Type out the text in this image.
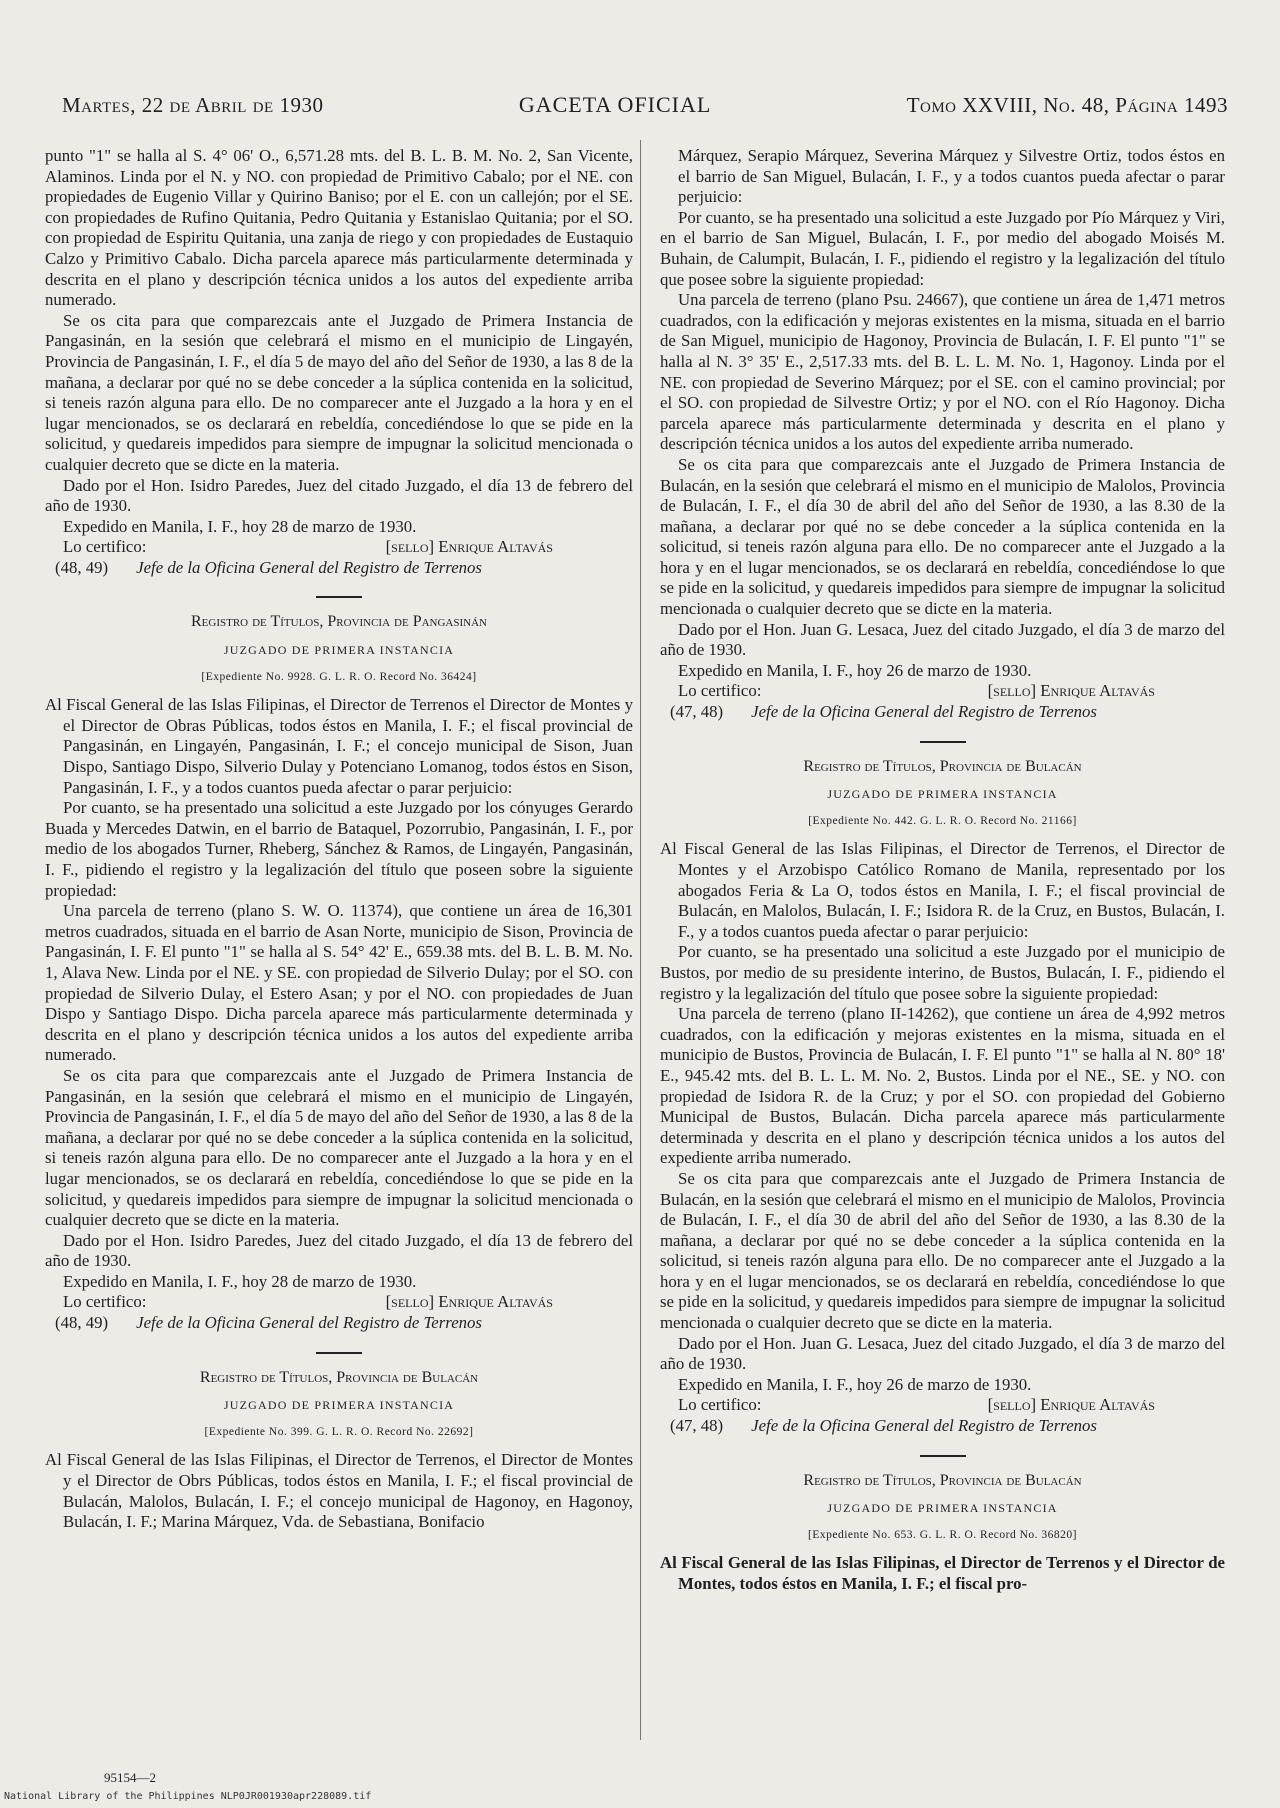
Martes, 22 de Abril de 1930	GACETA OFICIAL	Tomo XXVIII, No. 48, Página 1493

punto "1" se halla al S. 4° 06' O., 6,571.28 mts. del B. L. B. M. No. 2, San Vicente, Alaminos. Linda por el N. y NO. con propiedad de Primitivo Cabalo; por el NE. con propiedades de Eugenio Villar y Quirino Baniso; por el E. con un callejón; por el SE. con propiedades de Rufino Quitania, Pedro Quitania y Estanislao Quitania; por el SO. con propiedad de Espiritu Quitania, una zanja de riego y con propiedades de Eustaquio Calzo y Primitivo Cabalo. Dicha parcela aparece más particularmente determinada y descrita en el plano y descripción técnica unidos a los autos del expediente arriba numerado.

Se os cita para que comparezcais ante el Juzgado de Primera Instancia de Pangasinán, en la sesión que celebrará el mismo en el municipio de Lingayén, Provincia de Pangasinán, I. F., el día 5 de mayo del año del Señor de 1930, a las 8 de la mañana, a declarar por qué no se debe conceder a la súplica contenida en la solicitud, si teneis razón alguna para ello. De no comparecer ante el Juzgado a la hora y en el lugar mencionados, se os declarará en rebeldía, concediéndose lo que se pide en la solicitud, y quedareis impedidos para siempre de impugnar la solicitud mencionada o cualquier decreto que se dicte en la materia.

Dado por el Hon. Isidro Paredes, Juez del citado Juzgado, el día 13 de febrero del año de 1930.

Expedido en Manila, I. F., hoy 28 de marzo de 1930.

Lo certifico:	[sello] Enrique Altavás
(48, 49) Jefe de la Oficina General del Registro de Terrenos
Registro de Títulos, Provincia de Pangasinán
JUZGADO DE PRIMERA INSTANCIA
[Expediente No. 9928. G. L. R. O. Record No. 36424]

Al Fiscal General de las Islas Filipinas, el Director de Terrenos el Director de Montes y el Director de Obras Públicas, todos éstos en Manila, I. F.; el fiscal provincial de Pangasinán, en Lingayén, Pangasinán, I. F.; el concejo municipal de Sison, Juan Dispo, Santiago Dispo, Silverio Dulay y Potenciano Lomanog, todos éstos en Sison, Pangasinán, I. F., y a todos cuantos pueda afectar o parar perjuicio:

Por cuanto, se ha presentado una solicitud a este Juzgado por los cónyuges Gerardo Buada y Mercedes Datwin, en el barrio de Bataquel, Pozorrubio, Pangasinán, I. F., por medio de los abogados Turner, Rheberg, Sánchez & Ramos, de Lingayén, Pangasinán, I. F., pidiendo el registro y la legalización del título que poseen sobre la siguiente propiedad:

Una parcela de terreno (plano S. W. O. 11374), que contiene un área de 16,301 metros cuadrados, situada en el barrio de Asan Norte, municipio de Sison, Provincia de Pangasinán, I. F. El punto "1" se halla al S. 54° 42' E., 659.38 mts. del B. L. B. M. No. 1, Alava New. Linda por el NE. y SE. con propiedad de Silverio Dulay; por el SO. con propiedad de Silverio Dulay, el Estero Asan; y por el NO. con propiedades de Juan Dispo y Santiago Dispo. Dicha parcela aparece más particularmente determinada y descrita en el plano y descripción técnica unidos a los autos del expediente arriba numerado.

Se os cita para que comparezcais ante el Juzgado de Primera Instancia de Pangasinán, en la sesión que celebrará el mismo en el municipio de Lingayén, Provincia de Pangasinán, I. F., el día 5 de mayo del año del Señor de 1930, a las 8 de la mañana, a declarar por qué no se debe conceder a la súplica contenida en la solicitud, si teneis razón alguna para ello. De no comparecer ante el Juzgado a la hora y en el lugar mencionados, se os declarará en rebeldía, concediéndose lo que se pide en la solicitud, y quedareis impedidos para siempre de impugnar la solicitud mencionada o cualquier decreto que se dicte en la materia.

Dado por el Hon. Isidro Paredes, Juez del citado Juzgado, el día 13 de febrero del año de 1930.

Expedido en Manila, I. F., hoy 28 de marzo de 1930.

Lo certifico:	[sello] Enrique Altavás
(48, 49) Jefe de la Oficina General del Registro de Terrenos
Registro de Títulos, Provincia de Bulacán
JUZGADO DE PRIMERA INSTANCIA
[Expediente No. 399. G. L. R. O. Record No. 22692]

Al Fiscal General de las Islas Filipinas, el Director de Terrenos, el Director de Montes y el Director de Obrs Públicas, todos éstos en Manila, I. F.; el fiscal provincial de Bulacán, Malolos, Bulacán, I. F.; el concejo municipal de Hagonoy, en Hagonoy, Bulacán, I. F.; Marina Márquez, Vda. de Sebastiana, Bonifacio

Márquez, Serapio Márquez, Severina Márquez y Silvestre Ortiz, todos éstos en el barrio de San Miguel, Bulacán, I. F., y a todos cuantos pueda afectar o parar perjuicio:

Por cuanto, se ha presentado una solicitud a este Juzgado por Pío Márquez y Viri, en el barrio de San Miguel, Bulacán, I. F., por medio del abogado Moisés M. Buhain, de Calumpit, Bulacán, I. F., pidiendo el registro y la legalización del título que posee sobre la siguiente propiedad:

Una parcela de terreno (plano Psu. 24667), que contiene un área de 1,471 metros cuadrados, con la edificación y mejoras existentes en la misma, situada en el barrio de San Miguel, municipio de Hagonoy, Provincia de Bulacán, I. F. El punto "1" se halla al N. 3° 35' E., 2,517.33 mts. del B. L. L. M. No. 1, Hagonoy. Linda por el NE. con propiedad de Severino Márquez; por el SE. con el camino provincial; por el SO. con propiedad de Silvestre Ortiz; y por el NO. con el Río Hagonoy. Dicha parcela aparece más particularmente determinada y descrita en el plano y descripción técnica unidos a los autos del expediente arriba numerado.

Se os cita para que comparezcais ante el Juzgado de Primera Instancia de Bulacán, en la sesión que celebrará el mismo en el municipio de Malolos, Provincia de Bulacán, I. F., el día 30 de abril del año del Señor de 1930, a las 8.30 de la mañana, a declarar por qué no se debe conceder a la súplica contenida en la solicitud, si teneis razón alguna para ello. De no comparecer ante el Juzgado a la hora y en el lugar mencionados, se os declarará en rebeldía, concediéndose lo que se pide en la solicitud, y quedareis impedidos para siempre de impugnar la solicitud mencionada o cualquier decreto que se dicte en la materia.

Dado por el Hon. Juan G. Lesaca, Juez del citado Juzgado, el día 3 de marzo del año de 1930.

Expedido en Manila, I. F., hoy 26 de marzo de 1930.

Lo certifico:	[sello] Enrique Altavás
(47, 48) Jefe de la Oficina General del Registro de Terrenos
Registro de Títulos, Provincia de Bulacán
JUZGADO DE PRIMERA INSTANCIA
[Expediente No. 442. G. L. R. O. Record No. 21166]

Al Fiscal General de las Islas Filipinas, el Director de Terrenos, el Director de Montes y el Arzobispo Católico Romano de Manila, representado por los abogados Feria & La O, todos éstos en Manila, I. F.; el fiscal provincial de Bulacán, en Malolos, Bulacán, I. F.; Isidora R. de la Cruz, en Bustos, Bulacán, I. F., y a todos cuantos pueda afectar o parar perjuicio:

Por cuanto, se ha presentado una solicitud a este Juzgado por el municipio de Bustos, por medio de su presidente interino, de Bustos, Bulacán, I. F., pidiendo el registro y la legalización del título que posee sobre la siguiente propiedad:

Una parcela de terreno (plano II-14262), que contiene un área de 4,992 metros cuadrados, con la edificación y mejoras existentes en la misma, situada en el municipio de Bustos, Provincia de Bulacán, I. F. El punto "1" se halla al N. 80° 18' E., 945.42 mts. del B. L. L. M. No. 2, Bustos. Linda por el NE., SE. y NO. con propiedad de Isidora R. de la Cruz; y por el SO. con propiedad del Gobierno Municipal de Bustos, Bulacán. Dicha parcela aparece más particularmente determinada y descrita en el plano y descripción técnica unidos a los autos del expediente arriba numerado.

Se os cita para que comparezcais ante el Juzgado de Primera Instancia de Bulacán, en la sesión que celebrará el mismo en el municipio de Malolos, Provincia de Bulacán, I. F., el día 30 de abril del año del Señor de 1930, a las 8.30 de la mañana, a declarar por qué no se debe conceder a la súplica contenida en la solicitud, si teneis razón alguna para ello. De no comparecer ante el Juzgado a la hora y en el lugar mencionados, se os declarará en rebeldía, concediéndose lo que se pide en la solicitud, y quedareis impedidos para siempre de impugnar la solicitud mencionada o cualquier decreto que se dicte en la materia.

Dado por el Hon. Juan G. Lesaca, Juez del citado Juzgado, el día 3 de marzo del año de 1930.

Expedido en Manila, I. F., hoy 26 de marzo de 1930.

Lo certifico:	[sello] Enrique Altavás
(47, 48) Jefe de la Oficina General del Registro de Terrenos
Registro de Títulos, Provincia de Bulacán
JUZGADO DE PRIMERA INSTANCIA
[Expediente No. 653. G. L. R. O. Record No. 36820]

Al Fiscal General de las Islas Filipinas, el Director de Terrenos y el Director de Montes, todos éstos en Manila, I. F.; el fiscal pro-

95154—2
National Library of the Philippines NLP0JR001930apr228089.tif
